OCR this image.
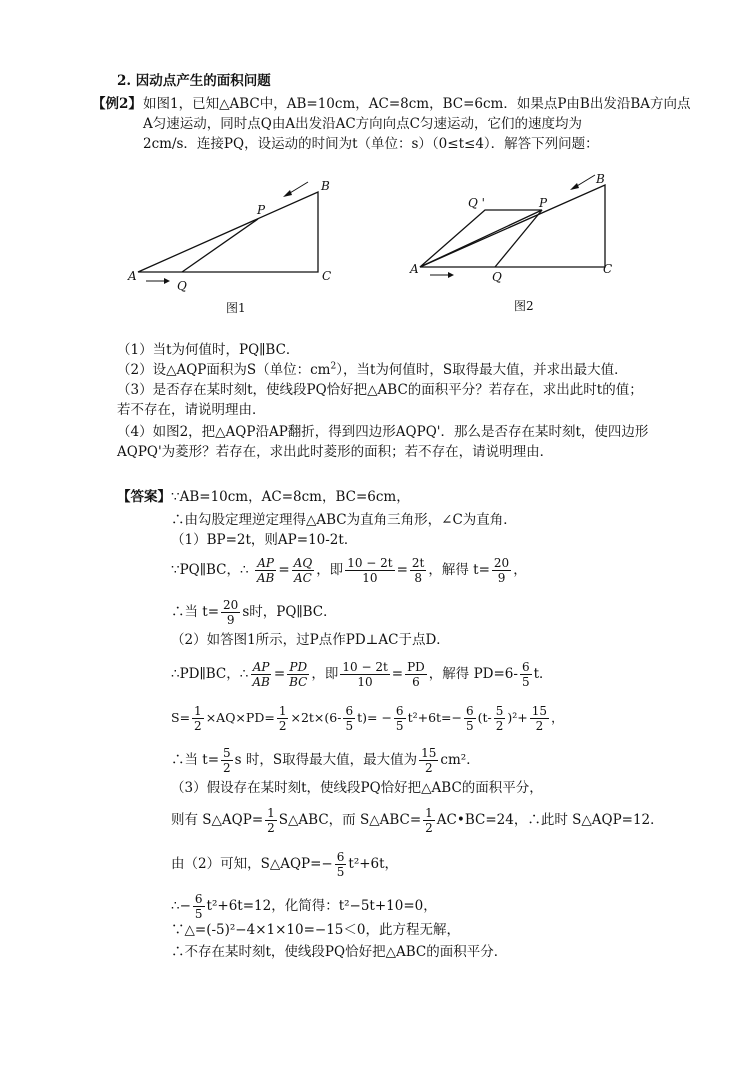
2. 因动点产生的面积问题
【例2】 如图1，已知△ABC中，AB=10cm，AC=8cm，BC=6cm．如果点P由B出发沿BA方向点
A匀速运动，同时点Q由A出发沿AC方向向点C匀速运动，它们的速度均为
2cm/s．连接PQ，设运动的时间为t（单位：s）（0≤t≤4）．解答下列问题：
A
B
C
P
Q
图1
A
B
C
P
Q
Q '
图2
（1）当t为何值时，PQ∥BC．
（2）设△AQP面积为S（单位：$cm^2$），当t为何值时，S取得最大值，并求出最大值．
（3）是否存在某时刻t，使线段PQ恰好把△ABC的面积平分？若存在，求出此时t的值；
若不存在，请说明理由．
（4）如图2，把△AQP沿AP翻折，得到四边形AQPQ'．那么是否存在某时刻t，使四边形
AQPQ'为菱形？若存在，求出此时菱形的面积；若不存在，请说明理由．
【答案】 ∵AB=10cm，AC=8cm，BC=6cm，
∴由勾股定理逆定理得△ABC为直角三角形，∠C为直角．
（1）BP=2t，则AP=10-2t．
∵PQ∥BC，∴ $\frac{AP}{AB} = \frac{AQ}{AC}$ ，即 $\frac{10 - 2t}{10} = \frac{2t}{8}$ ，解得 $t= \frac{20}{9}$ ，
∴当 $t= \frac{20}{9}$ s时，PQ∥BC．
（2）如答图1所示，过P点作PD⊥AC于点D．
∴PD∥BC，∴ $\frac{AP}{AB} = \frac{PD}{BC}$ ，即 $\frac{10 - 2t}{10} = \frac{PD}{6}$ ，解得 $PD=6- \frac{6}{5}$ t．
$S= \frac{1}{2} \times AQ\times PD= \frac{1}{2} \times 2t\times(6- \frac{6}{5} t)= - \frac{6}{5} t^2+6t=- \frac{6}{5} (t- \frac{5}{2} )^2+ \frac{15}{2}$ ，
∴当 $t= \frac{5}{2}$ s 时，S取得最大值，最大值为 $\frac{15}{2} cm^2$．
（3）假设存在某时刻t，使线段PQ恰好把△ABC的面积平分，
则有 S△AQP= $\frac{1}{2}$ S△ABC，而 S△ABC= $\frac{1}{2}$ AC•BC=24，∴此时 S△AQP=12．
由（2）可知，S△AQP=− $\frac{6}{5} t^2+6t$，
∴− $\frac{6}{5} t^2+6t=12$，化简得：t²−5t+10=0，
∵△=(-5)²−4×1×10=−15＜0，此方程无解，
∴不存在某时刻t，使线段PQ恰好把△ABC的面积平分．
